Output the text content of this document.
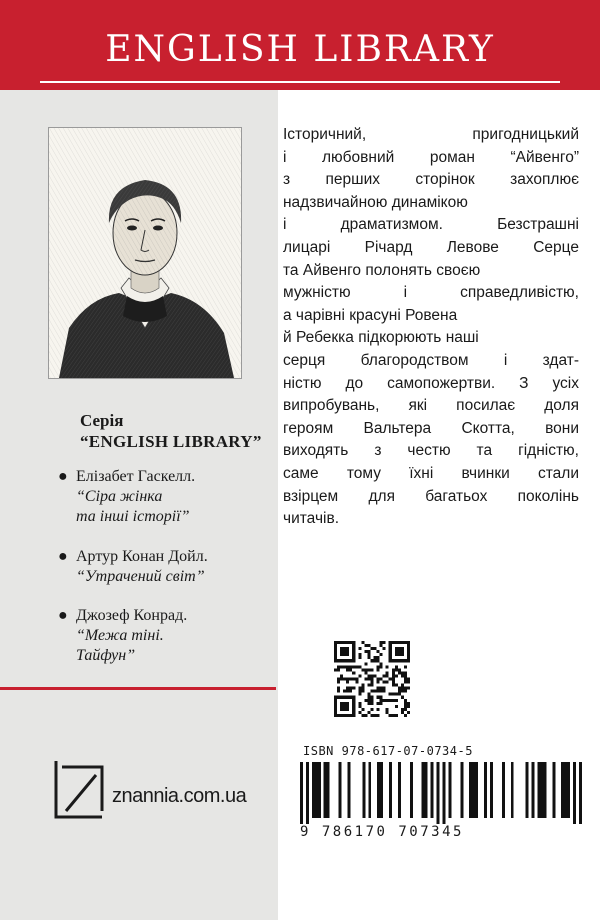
ENGLISH LIBRARY
Серія
“ENGLISH LIBRARY”
● Елізабет Гаскелл.
“Сіра жінка
та інші історії”
● Артур Конан Дойл.
“Утрачений світ”
● Джозеф Конрад.
“Межа тіні.
Тайфун”
znannia.com.ua
Історичний, пригодницький
і любовний роман “Айвенго”
з перших сторінок захоплює
надзвичайною динамікою
і драматизмом. Безстрашні
лицарі Річард Левове Серце
та Айвенго полонять своєю
мужністю і справедливістю,
а чарівні красуні Ровена
й Ребекка підкорюють наші
серця благородством і здат-
ністю до самопожертви. З усіх
випробувань, які посилає доля
героям Вальтера Скотта, вони
виходять з честю та гідністю,
саме тому їхні вчинки стали
взірцем для багатьох поколінь
читачів.
ISBN 978-617-07-0734-5
9 786170 707345
